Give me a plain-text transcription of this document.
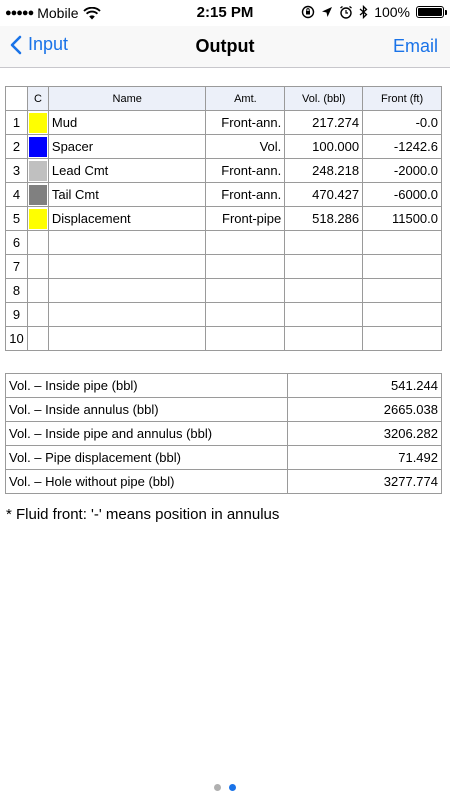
●●●●● Mobile	2:15 PM	100%
Input	Output	Email
	C	Name	Amt.	Vol. (bbl)	Front (ft)
1		Mud	Front-ann.	217.274	-0.0
2		Spacer	Vol.	100.000	-1242.6
3		Lead Cmt	Front-ann.	248.218	-2000.0
4		Tail Cmt	Front-ann.	470.427	-6000.0
5		Displacement	Front-pipe	518.286	11500.0
6	

7	

8	

9	

10	

Vol. – Inside pipe (bbl)	541.244
Vol. – Inside annulus (bbl)	2665.038
Vol. – Inside pipe and annulus (bbl)	3206.282
Vol. – Pipe displacement (bbl)	71.492
Vol. – Hole without pipe (bbl)	3277.774
* Fluid front: '-' means position in annulus
